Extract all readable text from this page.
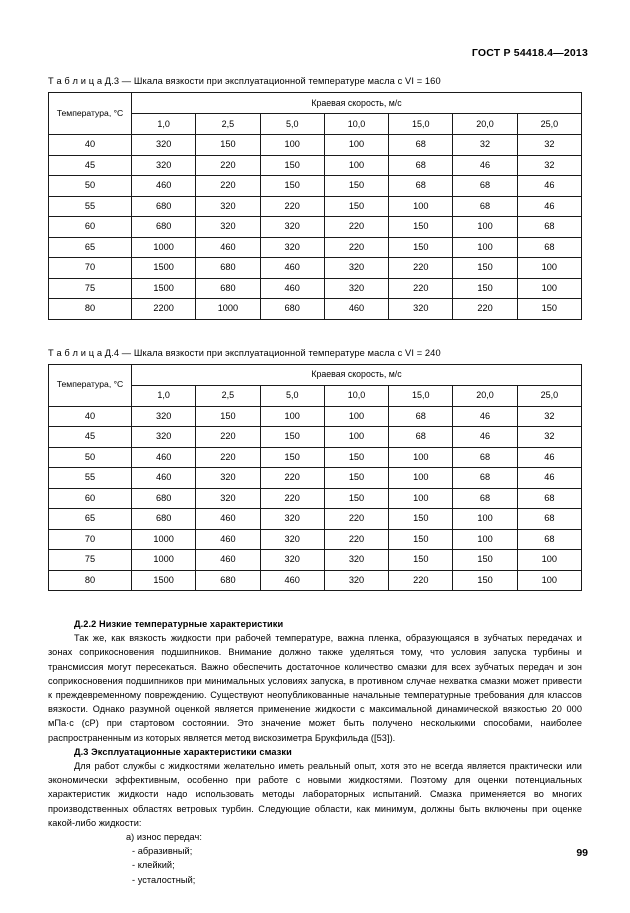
ГОСТ Р 54418.4—2013
Т а б л и ц а Д.3 — Шкала вязкости при эксплуатационной температуре масла с VI = 160
Температура, °С	Краевая скорость, м/с						
	1,0	2,5	5,0	10,0	15,0	20,0	25,0
40	320	150	100	100	68	32	32
45	320	220	150	100	68	46	32
50	460	220	150	150	68	68	46
55	680	320	220	150	100	68	46
60	680	320	320	220	150	100	68
65	1000	460	320	220	150	100	68
70	1500	680	460	320	220	150	100
75	1500	680	460	320	220	150	100
80	2200	1000	680	460	320	220	150
Т а б л и ц а Д.4 — Шкала вязкости при эксплуатационной температуре масла с VI = 240
Температура, °С	Краевая скорость, м/с						
	1,0	2,5	5,0	10,0	15,0	20,0	25,0
40	320	150	100	100	68	46	32
45	320	220	150	100	68	46	32
50	460	220	150	150	100	68	46
55	460	320	220	150	100	68	46
60	680	320	220	150	100	68	68
65	680	460	320	220	150	100	68
70	1000	460	320	220	150	100	68
75	1000	460	320	320	150	150	100
80	1500	680	460	320	220	150	100

Д.2.2 Низкие температурные характеристики

Так же, как вязкость жидкости при рабочей температуре, важна пленка, образующаяся в зубчатых передачах и зонах соприкосновения подшипников. Внимание должно также уделяться тому, что условия запуска турбины и трансмиссия могут пересекаться. Важно обеспечить достаточное количество смазки для всех зубчатых передач и зон соприкосновения подшипников при минимальных условиях запуска, в противном случае нехватка смазки может привести к преждевременному повреждению. Существуют неопубликованные начальные температурные требования для классов вязкости. Однако разумной оценкой является применение жидкости с максимальной динамической вязкостью 20 000 мПа·с (сР) при стартовом состоянии. Это значение может быть получено несколькими способами, наиболее распространенным из которых является метод вискозиметра Брукфильда ([53]).

Д.3 Эксплуатационные характеристики смазки

Для работ службы с жидкостями желательно иметь реальный опыт, хотя это не всегда является практически или экономически эффективным, особенно при работе с новыми жидкостями. Поэтому для оценки потенциальных характеристик жидкости надо использовать методы лабораторных испытаний. Смазка применяется во многих производственных областях ветровых турбин. Следующие области, как минимум, должны быть включены при оценке какой-либо жидкости:

а) износ передач:

- абразивный;

- клейкий;

- усталостный;

99
